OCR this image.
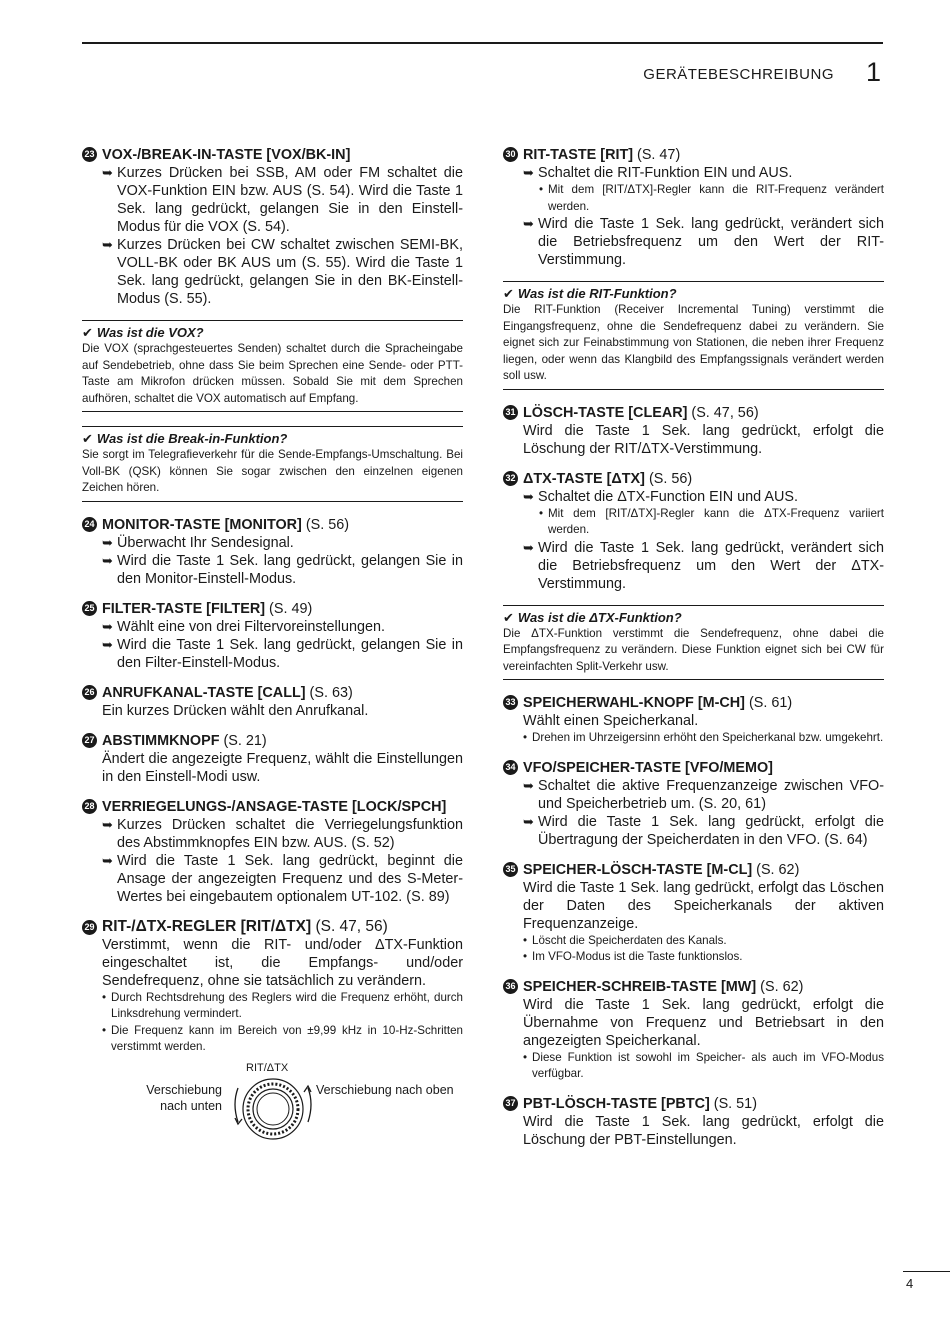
GERÄTEBESCHREIBUNG 1
23 VOX-/BREAK-IN-TASTE [VOX/BK-IN]
➥ Kurzes Drücken bei SSB, AM oder FM schaltet die VOX-Funktion EIN bzw. AUS (S. 54). Wird die Taste 1 Sek. lang gedrückt, gelangen Sie in den Einstell-Modus für die VOX (S. 54).
➥ Kurzes Drücken bei CW schaltet zwischen SEMI-BK, VOLL-BK oder BK AUS um (S. 55). Wird die Taste 1 Sek. lang gedrückt, gelangen Sie in den BK-Einstell-Modus (S. 55).
✔ Was ist die VOX?
Die VOX (sprachgesteuertes Senden) schaltet durch die Spracheingabe auf Sendebetrieb, ohne dass Sie beim Sprechen eine Sende- oder PTT-Taste am Mikrofon drücken müssen. Sobald Sie mit dem Sprechen aufhören, schaltet die VOX automatisch auf Empfang.
✔ Was ist die Break-in-Funktion?
Sie sorgt im Telegrafieverkehr für die Sende-Empfangs-Umschaltung. Bei Voll-BK (QSK) können Sie sogar zwischen den einzelnen eigenen Zeichen hören.
24 MONITOR-TASTE [MONITOR] (S. 56)
➥ Überwacht Ihr Sendesignal.
➥ Wird die Taste 1 Sek. lang gedrückt, gelangen Sie in den Monitor-Einstell-Modus.
25 FILTER-TASTE [FILTER] (S. 49)
➥ Wählt eine von drei Filtervoreinstellungen.
➥ Wird die Taste 1 Sek. lang gedrückt, gelangen Sie in den Filter-Einstell-Modus.
26 ANRUFKANAL-TASTE [CALL] (S. 63)
Ein kurzes Drücken wählt den Anrufkanal.
27 ABSTIMMKNOPF (S. 21)
Ändert die angezeigte Frequenz, wählt die Einstellungen in den Einstell-Modi usw.
28 VERRIEGELUNGS-/ANSAGE-TASTE [LOCK/SPCH]
➥ Kurzes Drücken schaltet die Verriegelungsfunktion des Abstimmknopfes EIN bzw. AUS. (S. 52)
➥ Wird die Taste 1 Sek. lang gedrückt, beginnt die Ansage der angezeigten Frequenz und des S-Meter-Wertes bei eingebautem optionalem UT-102. (S. 89)
29 RIT-/ΔTX-REGLER [RIT/ΔTX] (S. 47, 56)
Verstimmt, wenn die RIT- und/oder ΔTX-Funktion eingeschaltet ist, die Empfangs- und/oder Sendefrequenz, ohne sie tatsächlich zu verändern.
• Durch Rechtsdrehung des Reglers wird die Frequenz erhöht, durch Linksdrehung vermindert.
• Die Frequenz kann im Bereich von ±9,99 kHz in 10-Hz-Schritten verstimmt werden.
RIT/ΔTX
Verschiebung nach unten
Verschiebung nach oben
30 RIT-TASTE [RIT] (S. 47)
➥ Schaltet die RIT-Funktion EIN und AUS.
• Mit dem [RIT/ΔTX]-Regler kann die RIT-Frequenz verändert werden.
➥ Wird die Taste 1 Sek. lang gedrückt, verändert sich die Betriebsfrequenz um den Wert der RIT-Verstimmung.
✔ Was ist die RIT-Funktion?
Die RIT-Funktion (Receiver Incremental Tuning) verstimmt die Eingangsfrequenz, ohne die Sendefrequenz dabei zu verändern. Sie eignet sich zur Feinabstimmung von Stationen, die neben ihrer Frequenz liegen, oder wenn das Klangbild des Empfangssignals verändert werden soll usw.
31 LÖSCH-TASTE [CLEAR] (S. 47, 56)
Wird die Taste 1 Sek. lang gedrückt, erfolgt die Löschung der RIT/ΔTX-Verstimmung.
32 ΔTX-TASTE [ΔTX] (S. 56)
➥ Schaltet die ΔTX-Function EIN und AUS.
• Mit dem [RIT/ΔTX]-Regler kann die ΔTX-Frequenz variiert werden.
➥ Wird die Taste 1 Sek. lang gedrückt, verändert sich die Betriebsfrequenz um den Wert der ΔTX-Verstimmung.
✔ Was ist die ΔTX-Funktion?
Die ΔTX-Funktion verstimmt die Sendefrequenz, ohne dabei die Empfangsfrequenz zu verändern. Diese Funktion eignet sich bei CW für vereinfachten Split-Verkehr usw.
33 SPEICHERWAHL-KNOPF [M-CH] (S. 61)
Wählt einen Speicherkanal.
• Drehen im Uhrzeigersinn erhöht den Speicherkanal bzw. umgekehrt.
34 VFO/SPEICHER-TASTE [VFO/MEMO]
➥ Schaltet die aktive Frequenzanzeige zwischen VFO- und Speicherbetrieb um. (S. 20, 61)
➥ Wird die Taste 1 Sek. lang gedrückt, erfolgt die Übertragung der Speicherdaten in den VFO. (S. 64)
35 SPEICHER-LÖSCH-TASTE [M-CL] (S. 62)
Wird die Taste 1 Sek. lang gedrückt, erfolgt das Löschen der Daten des Speicherkanals der aktiven Frequenzanzeige.
• Löscht die Speicherdaten des Kanals.
• Im VFO-Modus ist die Taste funktionslos.
36 SPEICHER-SCHREIB-TASTE [MW] (S. 62)
Wird die Taste 1 Sek. lang gedrückt, erfolgt die Übernahme von Frequenz und Betriebsart in den angezeigten Speicherkanal.
• Diese Funktion ist sowohl im Speicher- als auch im VFO-Modus verfügbar.
37 PBT-LÖSCH-TASTE [PBTC] (S. 51)
Wird die Taste 1 Sek. lang gedrückt, erfolgt die Löschung der PBT-Einstellungen.
4
